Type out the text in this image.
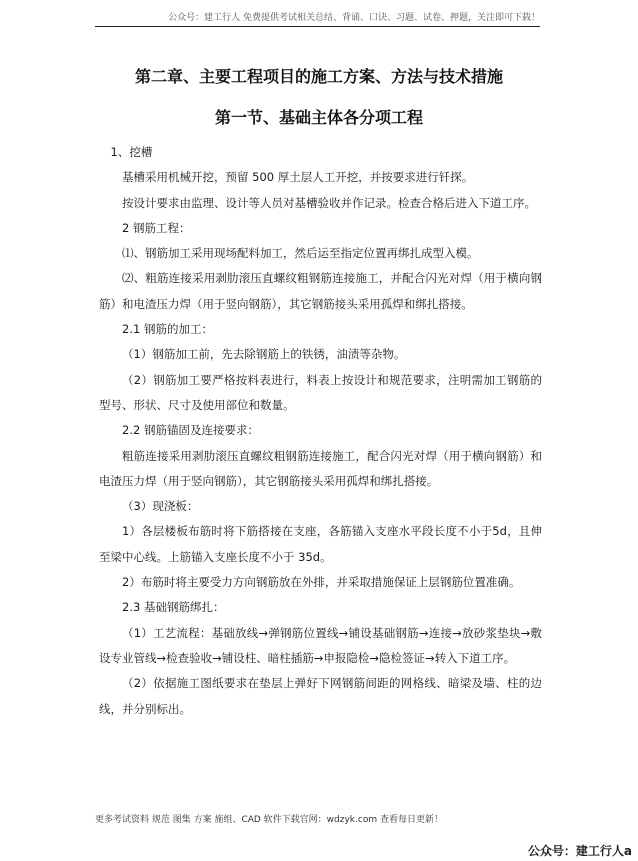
公众号：建工行人 免费提供考试相关总结、背诵、口诀、习题、试卷、押题，关注即可下载！
第二章、主要工程项目的施工方案、方法与技术措施
第一节、基础主体各分项工程

1、挖槽

基槽采用机械开挖，预留 500 厚土层人工开挖，并按要求进行钎探。

按设计要求由监理、设计等人员对基槽验收并作记录。检查合格后进入下道工序。

2 钢筋工程：

⑴、钢筋加工采用现场配料加工，然后运至指定位置再绑扎成型入模。

⑵、粗筋连接采用剥肋滚压直螺纹粗钢筋连接施工，并配合闪光对焊（用于横向钢筋）和电渣压力焊（用于竖向钢筋），其它钢筋接头采用孤焊和绑扎搭接。

2.1 钢筋的加工：

（1）钢筋加工前，先去除钢筋上的铁锈，油渍等杂物。

（2）钢筋加工要严格按料表进行，料表上按设计和规范要求，注明需加工钢筋的型号、形状、尺寸及使用部位和数量。

2.2 钢筋锚固及连接要求：

粗筋连接采用剥肋滚压直螺纹粗钢筋连接施工，配合闪光对焊（用于横向钢筋）和电渣压力焊（用于竖向钢筋），其它钢筋接头采用孤焊和绑扎搭接。

（3）现浇板：

1）各层楼板布筋时将下筋搭接在支座，各筋锚入支座水平段长度不小于5d，且伸至梁中心线。上筋锚入支座长度不小于 35d。

2）布筋时将主要受力方向钢筋放在外排，并采取措施保证上层钢筋位置准确。

2.3 基础钢筋绑扎：

（1）工艺流程：基础放线→弹钢筋位置线→铺设基础钢筋→连接→放砂浆垫块→敷设专业管线→检查验收→铺设柱、暗柱插筋→申报隐检→隐检签证→转入下道工序。

（2）依据施工图纸要求在垫层上弹好下网钢筋间距的网格线、暗梁及墙、柱的边线，并分别标出。

更多考试资料 规范 图集 方案 施组、CAD 软件下载官网：wdzyk.com 查看每日更新！
公众号：建工行人a
